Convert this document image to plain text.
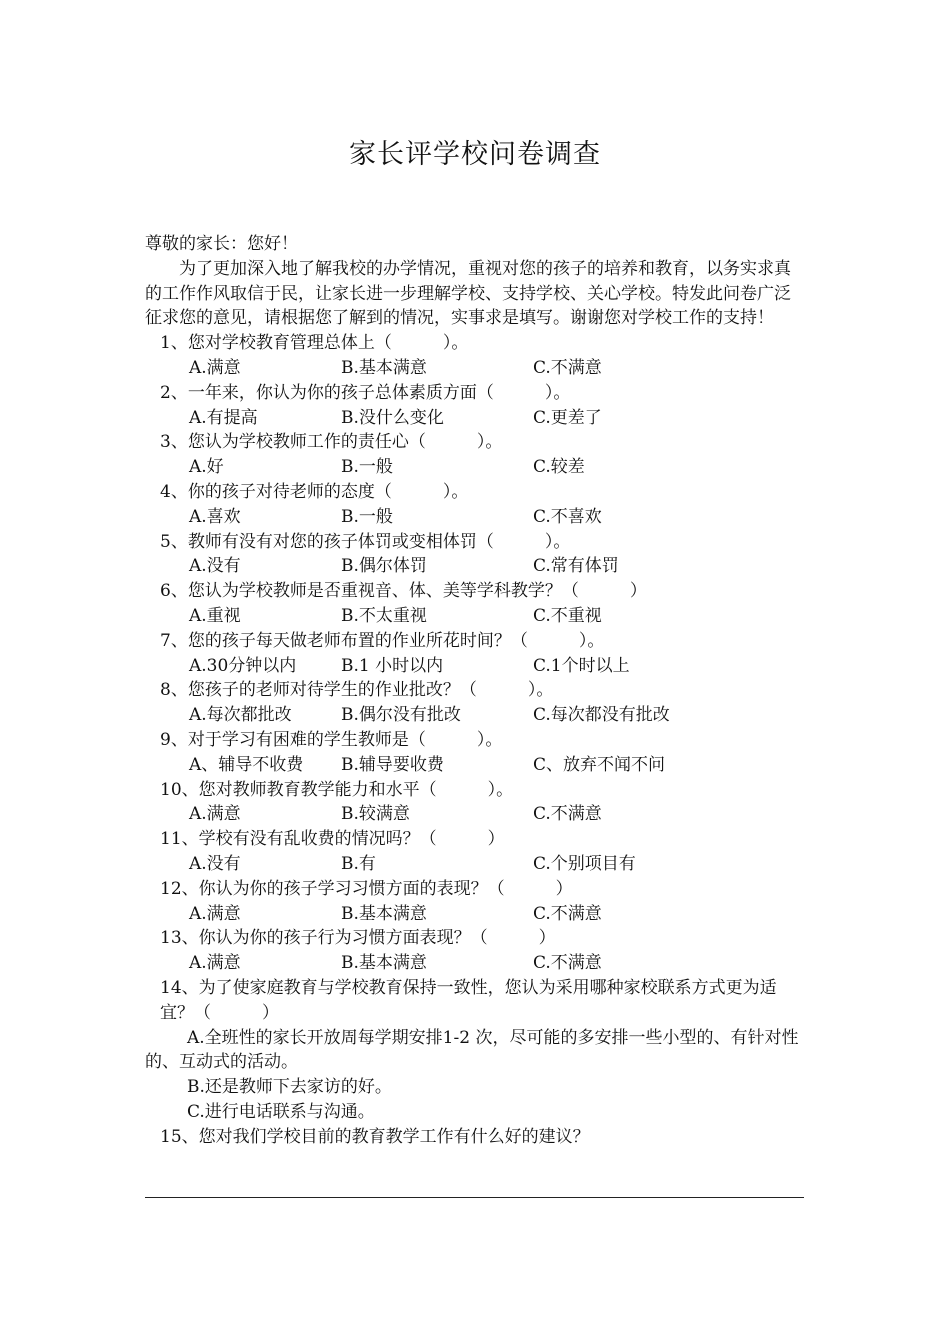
家长评学校问卷调查
尊敬的家长：您好！
为了更加深入地了解我校的办学情况，重视对您的孩子的培养和教育，以务实求真的工作作风取信于民，让家长进一步理解学校、支持学校、关心学校。特发此问卷广泛征求您的意见，请根据您了解到的情况，实事求是填写。谢谢您对学校工作的支持！
1、您对学校教育管理总体上（　　　）。
A.满意	B.基本满意	C.不满意
2、一年来，你认为你的孩子总体素质方面（　　　）。
A.有提高	B.没什么变化	C.更差了
3、您认为学校教师工作的责任心（　　　）。
A.好	B.一般	C.较差
4、你的孩子对待老师的态度（　　　）。
A.喜欢	B.一般	C.不喜欢
5、教师有没有对您的孩子体罚或变相体罚（　　　）。
A.没有	B.偶尔体罚	C.常有体罚
6、您认为学校教师是否重视音、体、美等学科教学？（　　　）
A.重视	B.不太重视	C.不重视
7、您的孩子每天做老师布置的作业所花时间？（　　　）。
A.30分钟以内	B.1 小时以内	C.1个时以上
8、您孩子的老师对待学生的作业批改？（　　　）。
A.每次都批改	B.偶尔没有批改	C.每次都没有批改
9、对于学习有困难的学生教师是（　　　）。
A、辅导不收费 B.辅导要收费	C、放弃不闻不问
10、您对教师教育教学能力和水平（　　　）。
A.满意	B.较满意	C.不满意
11、学校有没有乱收费的情况吗？（　　　）
A.没有	B.有	C.个别项目有
12、你认为你的孩子学习习惯方面的表现？（　　　）
A.满意	B.基本满意	C.不满意
13、你认为你的孩子行为习惯方面表现？（　　　）
A.满意	B.基本满意	C.不满意
14、为了使家庭教育与学校教育保持一致性，您认为采用哪种家校联系方式更为适宜？（　　　）
A.全班性的家长开放周每学期安排1-2 次，尽可能的多安排一些小型的、有针对性的、互动式的活动。
B.还是教师下去家访的好。
C.进行电话联系与沟通。
15、您对我们学校目前的教育教学工作有什么好的建议？
